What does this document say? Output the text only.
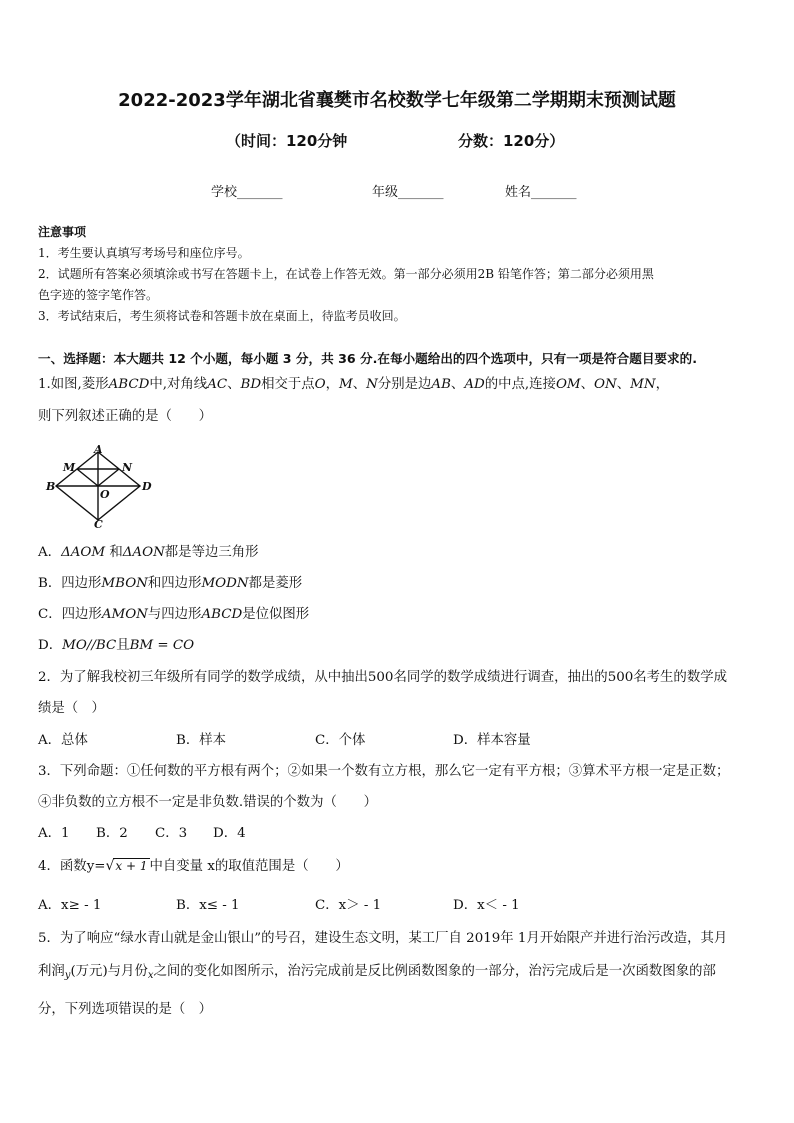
2022-2023学年湖北省襄樊市名校数学七年级第二学期期末预测试题
（时间：120分钟	分数：120分）
学校_______	年级_______	姓名_______
注意事项
1．考生要认真填写考场号和座位序号。
2．试题所有答案必须填涂或书写在答题卡上，在试卷上作答无效。第一部分必须用2B 铅笔作答；第二部分必须用黑
色字迹的签字笔作答。
3．考试结束后，考生须将试卷和答题卡放在桌面上，待监考员收回。
一、选择题：本大题共 12 个小题，每小题 3 分，共 36 分.在每小题给出的四个选项中，只有一项是符合题目要求的.
1.如图,菱形ABCD中,对角线AC、BD相交于点O，M、N分别是边AB、AD的中点,连接OM、ON、MN，
则下列叙述正确的是（　　）
A
B
C
D
M	N
O
A．ΔAOM 和ΔAON都是等边三角形
B．四边形MBON和四边形MODN都是菱形
C．四边形AMON与四边形ABCD是位似图形
D．MO//BC且BM = CO
2．为了解我校初三年级所有同学的数学成绩，从中抽出500名同学的数学成绩进行调查，抽出的500名考生的数学成
绩是（　）
A．总体	B．样本	C．个体	D．样本容量
3．下列命题：①任何数的平方根有两个；②如果一个数有立方根，那么它一定有平方根；③算术平方根一定是正数；
④非负数的立方根不一定是非负数.错误的个数为（　　）
A．1 B．2 C．3 D．4
4．函数y=√x + 1 中自变量 x的取值范围是（　　）
A．x≥ - 1	B．x≤ - 1	C．x＞ - 1	D．x＜ - 1
5．为了响应“绿水青山就是金山银山”的号召，建设生态文明，某工厂自 2019年 1月开始限产并进行治污改造，其月
利润$_y$(万元)与月份$_x$之间的变化如图所示，治污完成前是反比例函数图象的一部分，治污完成后是一次函数图象的部
分，下列选项错误的是（　）
